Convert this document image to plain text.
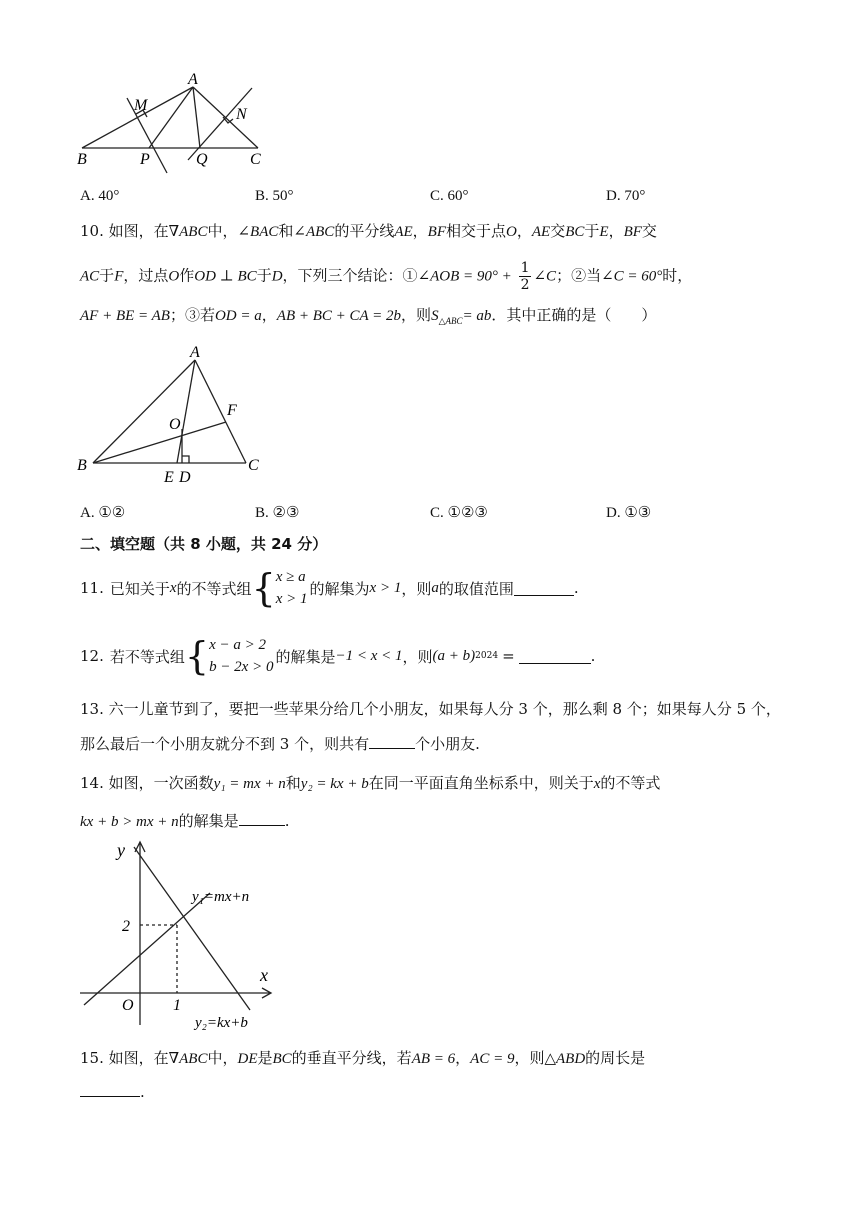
A
M
N
B	P	Q	C
A. 40°	B. 50°	C. 60°	D. 70°
10. 如图，在∇ABC中，∠BAC和∠ABC的平分线AE，BF相交于点O，AE交BC于E，BF交
AC于F，过点O作OD ⊥ BC于D，下列三个结论：①∠AOB = $90^\circ + \frac{1}{2}$ ∠C；②当∠C = 60°时，
AF + BE = AB；③若OD = a，AB + BC + CA = 2b，则$S_{\triangle ABC}=$ ab．其中正确的是（　　）
A
O
F
B
E D
C
A. ①②	B. ②③	C. ①②③	D. ①③
二、填空题（共 8 小题，共 24 分）
11. 已知关于 x 的不等式组 { x ≥ a
x > 1
的解集为 x > 1 ，则 a 的取值范围	.
12. 若不等式组 { x − a > 2
b − 2x > 0
的解集是 −1 < x < 1 ，则 (a + b) 2024 =	.
13. 六一儿童节到了，要把一些苹果分给几个小朋友，如果每人分 3 个，那么剩 8 个；如果每人分 5 个，
那么最后一个小朋友就分不到 3 个，则共有	个小朋友.
14. 如图，一次函数y₁ = mx + n和y₂ = kx + b在同一平面直角坐标系中，则关于x的不等式
kx + b > mx + n的解集是	.
y
x
O
2
1
y₁=mx+n
y₂=kx+b
15. 如图，在∇ABC中，DE是BC的垂直平分线，若AB = 6，AC = 9，则△ABD的周长是
.
